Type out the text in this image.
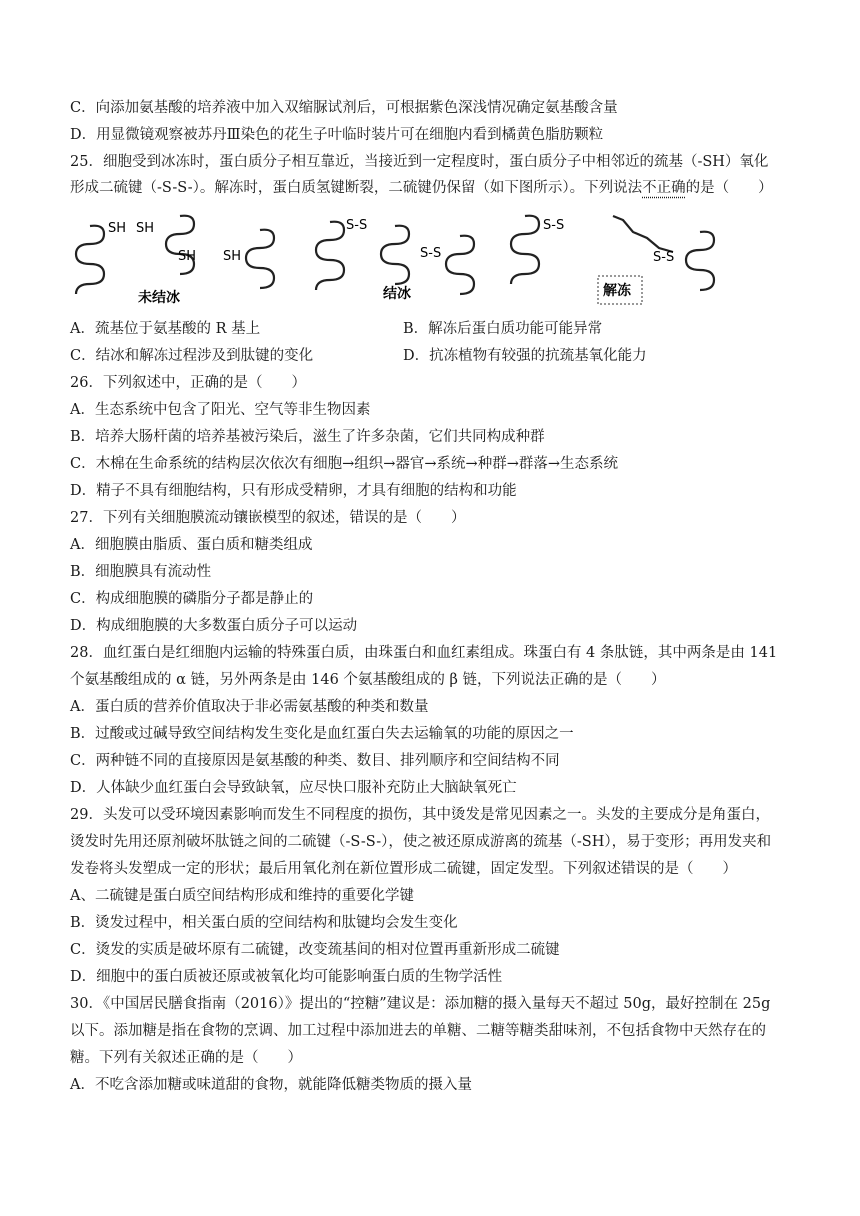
C．向添加氨基酸的培养液中加入双缩脲试剂后，可根据紫色深浅情况确定氨基酸含量
D．用显微镜观察被苏丹Ⅲ染色的花生子叶临时装片可在细胞内看到橘黄色脂肪颗粒
25．细胞受到冰冻时，蛋白质分子相互靠近，当接近到一定程度时，蛋白质分子中相邻近的巯基（-SH）氧化
形成二硫键（-S-S-）。解冻时，蛋白质氢键断裂，二硫键仍保留（如下图所示）。下列说法不正确的是（　　）
SH SH
SH SH
未结冰
S-S
S-S
结冰
S-S
S-S
解冻
A．巯基位于氨基酸的 R 基上	B．解冻后蛋白质功能可能异常
C．结冰和解冻过程涉及到肽键的变化	D．抗冻植物有较强的抗巯基氧化能力
26．下列叙述中，正确的是（　　）
A．生态系统中包含了阳光、空气等非生物因素
B．培养大肠杆菌的培养基被污染后，滋生了许多杂菌，它们共同构成种群
C．木棉在生命系统的结构层次依次有细胞→组织→器官→系统→种群→群落→生态系统
D．精子不具有细胞结构，只有形成受精卵，才具有细胞的结构和功能
27．下列有关细胞膜流动镶嵌模型的叙述，错误的是（　　）
A．细胞膜由脂质、蛋白质和糖类组成
B．细胞膜具有流动性
C．构成细胞膜的磷脂分子都是静止的
D．构成细胞膜的大多数蛋白质分子可以运动
28．血红蛋白是红细胞内运输的特殊蛋白质，由珠蛋白和血红素组成。珠蛋白有 4 条肽链，其中两条是由 141
个氨基酸组成的 α 链，另外两条是由 146 个氨基酸组成的 β 链，下列说法正确的是（　　）
A．蛋白质的营养价值取决于非必需氨基酸的种类和数量
B．过酸或过碱导致空间结构发生变化是血红蛋白失去运输氧的功能的原因之一
C．两种链不同的直接原因是氨基酸的种类、数目、排列顺序和空间结构不同
D．人体缺少血红蛋白会导致缺氧，应尽快口服补充防止大脑缺氧死亡
29．头发可以受环境因素影响而发生不同程度的损伤，其中烫发是常见因素之一。头发的主要成分是角蛋白，
烫发时先用还原剂破坏肽链之间的二硫键（-S-S-），使之被还原成游离的巯基（-SH），易于变形；再用发夹和
发卷将头发塑成一定的形状；最后用氧化剂在新位置形成二硫键，固定发型。下列叙述错误的是（　　）
A、二硫键是蛋白质空间结构形成和维持的重要化学键
B．烫发过程中，相关蛋白质的空间结构和肽键均会发生变化
C．烫发的实质是破坏原有二硫键，改变巯基间的相对位置再重新形成二硫键
D．细胞中的蛋白质被还原或被氧化均可能影响蛋白质的生物学活性
30．《中国居民膳食指南（2016）》提出的“控糖”建议是：添加糖的摄入量每天不超过 50g，最好控制在 25g
以下。添加糖是指在食物的烹调、加工过程中添加进去的单糖、二糖等糖类甜味剂，不包括食物中天然存在的
糖。下列有关叙述正确的是（　　）
A．不吃含添加糖或味道甜的食物，就能降低糖类物质的摄入量
